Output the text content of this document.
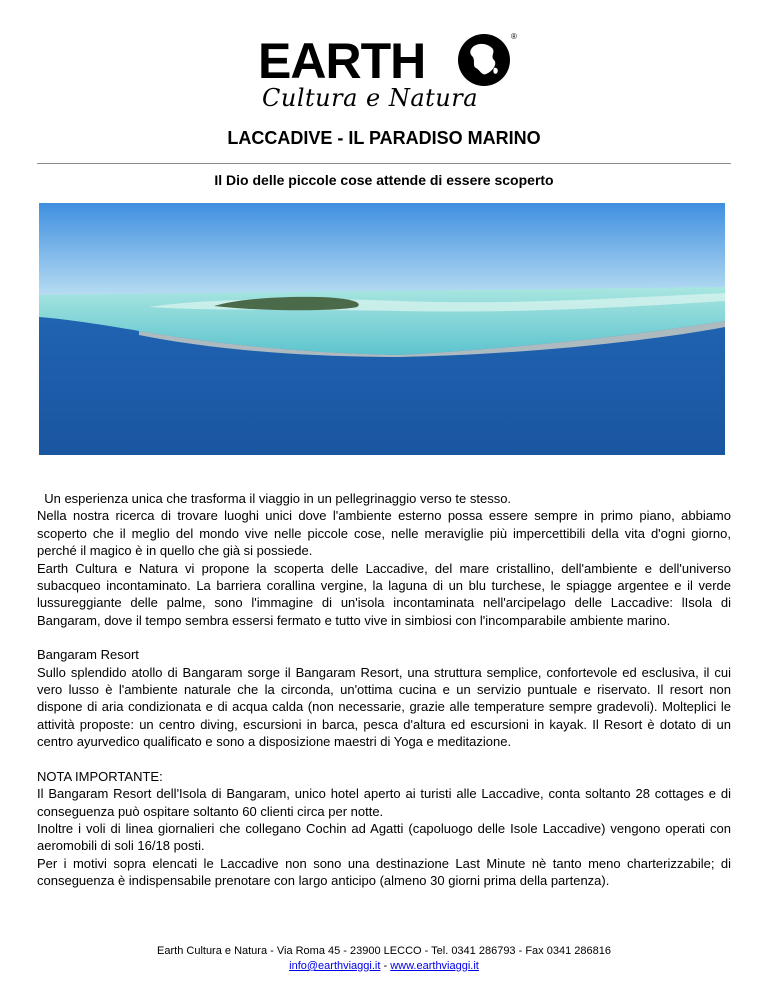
EARTH	®
Cultura e Natura
LACCADIVE - IL PARADISO MARINO
Il Dio delle piccole cose attende di essere scoperto

Un esperienza unica che trasforma il viaggio in un pellegrinaggio verso te stesso.

Nella nostra ricerca di trovare luoghi unici dove l'ambiente esterno possa essere sempre in primo piano, abbiamo scoperto che il meglio del mondo vive nelle piccole cose, nelle meraviglie più impercettibili della vita d'ogni giorno, perché il magico è in quello che già si possiede.

Earth Cultura e Natura vi propone la scoperta delle Laccadive, del mare cristallino, dell'ambiente e dell'universo subacqueo incontaminato. La barriera corallina vergine, la laguna di un blu turchese, le spiagge argentee e il verde lussureggiante delle palme, sono l'immagine di un'isola incontaminata nell'arcipelago delle Laccadive: lIsola di Bangaram, dove il tempo sembra essersi fermato e tutto vive in simbiosi con l'incomparabile ambiente marino.

Bangaram Resort

Sullo splendido atollo di Bangaram sorge il Bangaram Resort, una struttura semplice, confortevole ed esclusiva, il cui vero lusso è l'ambiente naturale che la circonda, un'ottima cucina e un servizio puntuale e riservato. Il resort non dispone di aria condizionata e di acqua calda (non necessarie, grazie alle temperature sempre gradevoli). Molteplici le attività proposte: un centro diving, escursioni in barca, pesca d'altura ed escursioni in kayak. Il Resort è dotato di un centro ayurvedico qualificato e sono a disposizione maestri di Yoga e meditazione.

NOTA IMPORTANTE:

Il Bangaram Resort dell'Isola di Bangaram, unico hotel aperto ai turisti alle Laccadive, conta soltanto 28 cottages e di conseguenza può ospitare soltanto 60 clienti circa per notte.

Inoltre i voli di linea giornalieri che collegano Cochin ad Agatti (capoluogo delle Isole Laccadive) vengono operati con aeromobili di soli 16/18 posti.

Per i motivi sopra elencati le Laccadive non sono una destinazione Last Minute nè tanto meno charterizzabile; di conseguenza è indispensabile prenotare con largo anticipo (almeno 30 giorni prima della partenza).

Earth Cultura e Natura - Via Roma 45 - 23900 LECCO - Tel. 0341 286793 - Fax 0341 286816
info@earthviaggi.it - www.earthviaggi.it
